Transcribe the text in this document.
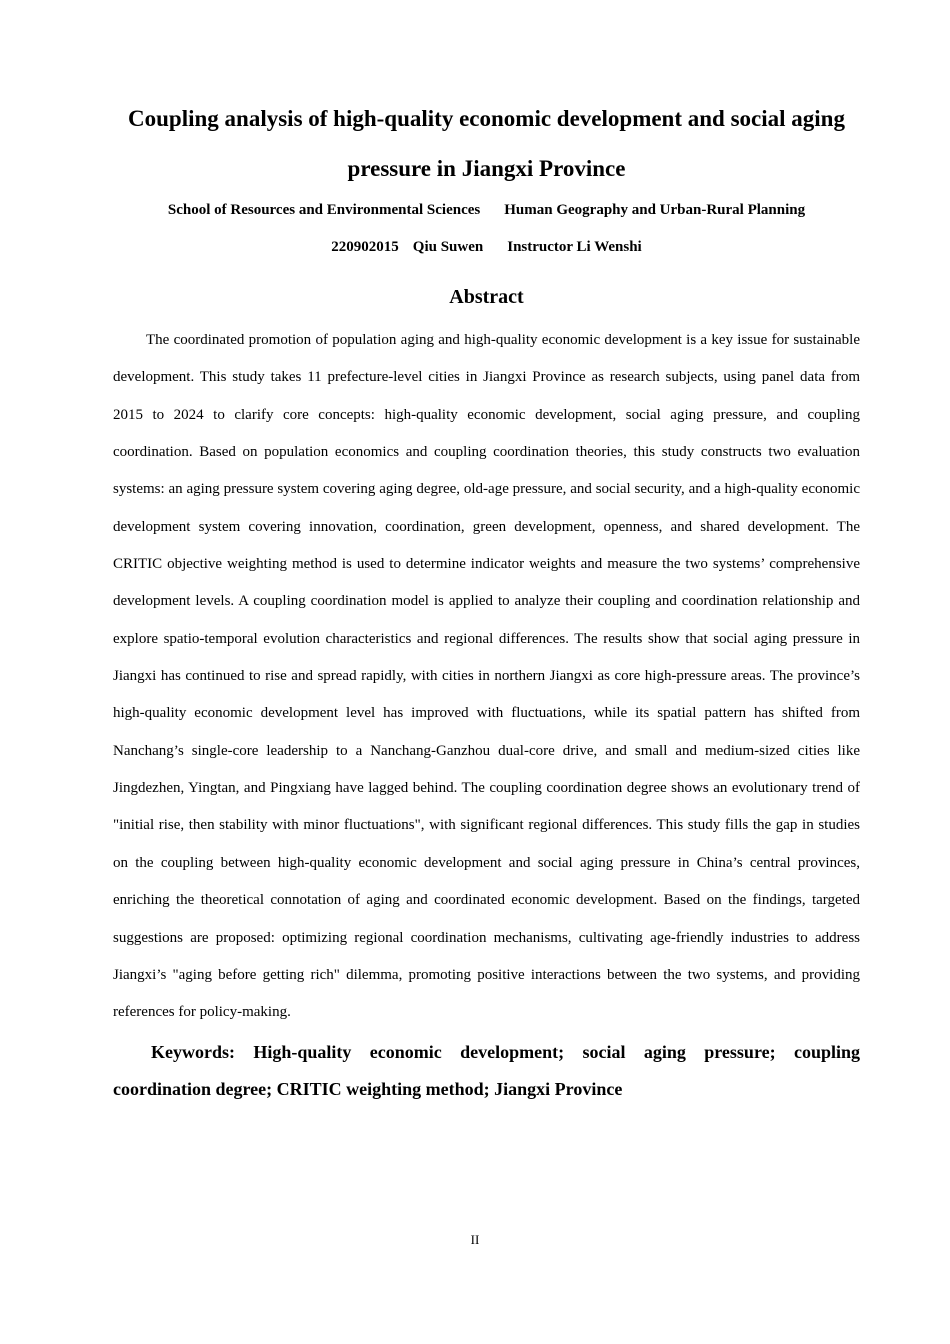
Coupling analysis of high-quality economic development and social aging pressure in Jiangxi Province
School of Resources and Environmental Sciences Human Geography and Urban-Rural Planning
220902015 Qiu Suwen Instructor Li Wenshi
Abstract

The coordinated promotion of population aging and high-quality economic development is a key issue for sustainable development. This study takes 11 prefecture-level cities in Jiangxi Province as research subjects, using panel data from 2015 to 2024 to clarify core concepts: high-quality economic development, social aging pressure, and coupling coordination. Based on population economics and coupling coordination theories, this study constructs two evaluation systems: an aging pressure system covering aging degree, old-age pressure, and social security, and a high-quality economic development system covering innovation, coordination, green development, openness, and shared development. The CRITIC objective weighting method is used to determine indicator weights and measure the two systems’ comprehensive development levels. A coupling coordination model is applied to analyze their coupling and coordination relationship and explore spatio-temporal evolution characteristics and regional differences. The results show that social aging pressure in Jiangxi has continued to rise and spread rapidly, with cities in northern Jiangxi as core high-pressure areas. The province’s high-quality economic development level has improved with fluctuations, while its spatial pattern has shifted from Nanchang’s single-core leadership to a Nanchang-Ganzhou dual-core drive, and small and medium-sized cities like Jingdezhen, Yingtan, and Pingxiang have lagged behind. The coupling coordination degree shows an evolutionary trend of "initial rise, then stability with minor fluctuations", with significant regional differences. This study fills the gap in studies on the coupling between high-quality economic development and social aging pressure in China’s central provinces, enriching the theoretical connotation of aging and coordinated economic development. Based on the findings, targeted suggestions are proposed: optimizing regional coordination mechanisms, cultivating age-friendly industries to address Jiangxi’s "aging before getting rich" dilemma, promoting positive interactions between the two systems, and providing references for policy-making.

Keywords: High-quality economic development; social aging pressure; coupling coordination degree; CRITIC weighting method; Jiangxi Province

II
